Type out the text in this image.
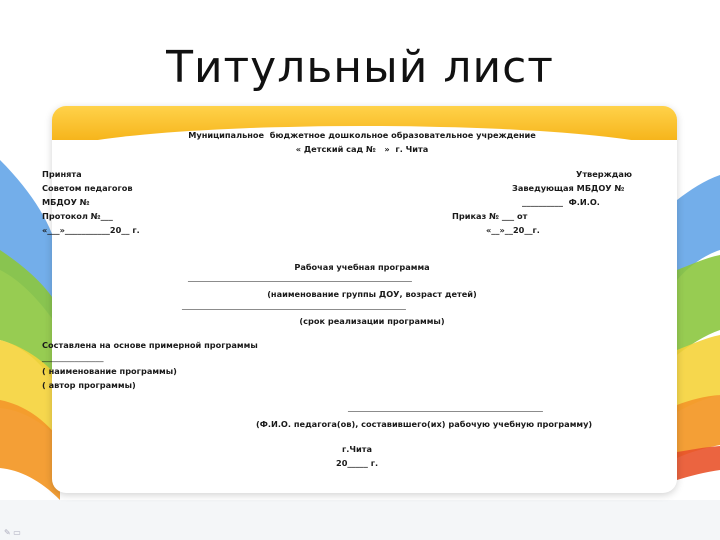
Титульный лист
Муниципальное  бюджетное дошкольное образовательное учреждение
« Детский сад №   »  г. Чита
Принята
Советом педагогов
МБДОУ №
Протокол №___
«___»___________20__ г.
Утверждаю
Заведующая МБДОУ №
__________  Ф.И.О.
Приказ № ___ от
«__»__20__г.
Рабочая учебная программа
_____________________________________________________________________________
(наименование группы ДОУ, возраст детей)
_____________________________________________________________________________
(срок реализации программы)
Составлена на основе примерной программы
_______________
( наименование программы)
( автор программы)
___________________________________________________________________
(Ф.И.О. педагога(ов), составившего(их) рабочую учебную программу)
г.Чита
20_____ г.
✎ ▭
